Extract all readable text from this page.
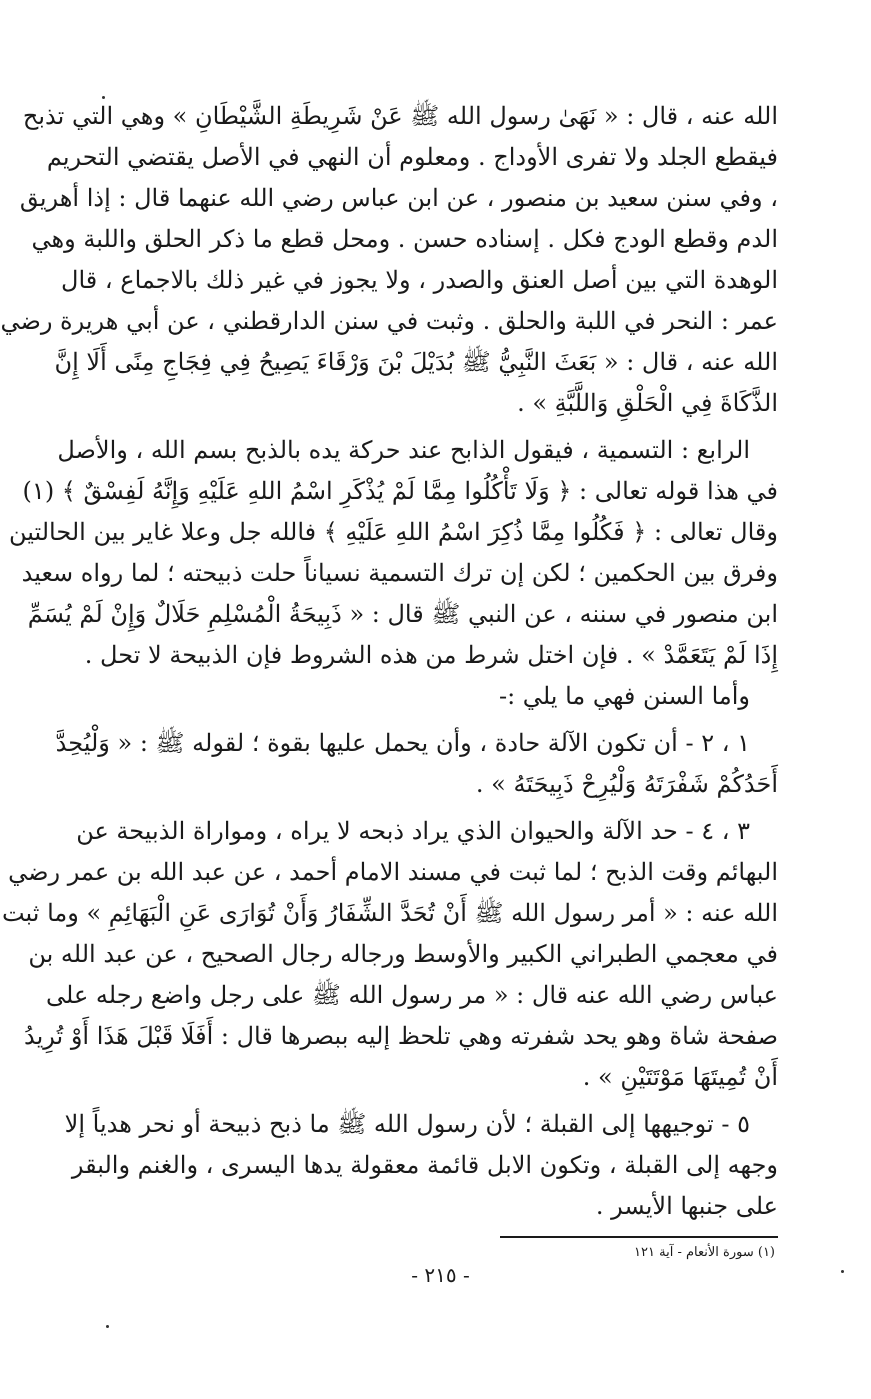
الله عنه ، قال : « نَهَىٰ رسول الله ﷺ عَنْ شَرِيطَةِ الشَّيْطَانِ » وهي التي تذبح
فيقطع الجلد ولا تفرى الأوداج . ومعلوم أن النهي في الأصل يقتضي التحريم
، وفي سنن سعيد بن منصور ، عن ابن عباس رضي الله عنهما قال : إذا أهريق
الدم وقطع الودج فكل . إسناده حسن . ومحل قطع ما ذكر الحلق واللبة وهي
الوهدة التي بين أصل العنق والصدر ، ولا يجوز في غير ذلك بالاجماع ، قال
عمر : النحر في اللبة والحلق . وثبت في سنن الدارقطني ، عن أبي هريرة رضي
الله عنه ، قال : « بَعَثَ النَّبِيُّ ﷺ بُدَيْلَ بْنَ وَرْقَاءَ يَصِيحُ فِي فِجَاجِ مِنًى أَلَا إِنَّ
الذَّكَاةَ فِي الْحَلْقِ وَاللَّبَّةِ » .
الرابع : التسمية ، فيقول الذابح عند حركة يده بالذبح بسم الله ، والأصل
في هذا قوله تعالى : ﴿ وَلَا تَأْكُلُوا مِمَّا لَمْ يُذْكَرِ اسْمُ اللهِ عَلَيْهِ وَإِنَّهُ لَفِسْقٌ ﴾ (١)
وقال تعالى : ﴿ فَكُلُوا مِمَّا ذُكِرَ اسْمُ اللهِ عَلَيْهِ ﴾ فالله جل وعلا غاير بين الحالتين
وفرق بين الحكمين ؛ لكن إن ترك التسمية نسياناً حلت ذبيحته ؛ لما رواه سعيد
ابن منصور في سننه ، عن النبي ﷺ قال : « ذَبِيحَةُ الْمُسْلِمِ حَلَالٌ وَإِنْ لَمْ يُسَمِّ
إِذَا لَمْ يَتَعَمَّدْ » . فإن اختل شرط من هذه الشروط فإن الذبيحة لا تحل .
وأما السنن فهي ما يلي :-
١ ، ٢ - أن تكون الآلة حادة ، وأن يحمل عليها بقوة ؛ لقوله ﷺ : « وَلْيُحِدَّ
أَحَدُكُمْ شَفْرَتَهُ وَلْيُرِحْ ذَبِيحَتَهُ » .
٣ ، ٤ - حد الآلة والحيوان الذي يراد ذبحه لا يراه ، ومواراة الذبيحة عن
البهائم وقت الذبح ؛ لما ثبت في مسند الامام أحمد ، عن عبد الله بن عمر رضي
الله عنه : « أمر رسول الله ﷺ أَنْ تُحَدَّ الشِّفَارُ وَأَنْ تُوَارَى عَنِ الْبَهَائِمِ » وما ثبت
في معجمي الطبراني الكبير والأوسط ورجاله رجال الصحيح ، عن عبد الله بن
عباس رضي الله عنه قال : « مر رسول الله ﷺ على رجل واضع رجله على
صفحة شاة وهو يحد شفرته وهي تلحظ إليه ببصرها قال : أَفَلَا قَبْلَ هَذَا أَوْ تُرِيدُ
أَنْ تُمِيتَهَا مَوْتَتَيْنِ » .
٥ - توجيهها إلى القبلة ؛ لأن رسول الله ﷺ ما ذبح ذبيحة أو نحر هدياً إلا
وجهه إلى القبلة ، وتكون الابل قائمة معقولة يدها اليسرى ، والغنم والبقر
على جنبها الأيسر .
(١) سورة الأنعام - آية ١٢١
- ٢١٥ -
